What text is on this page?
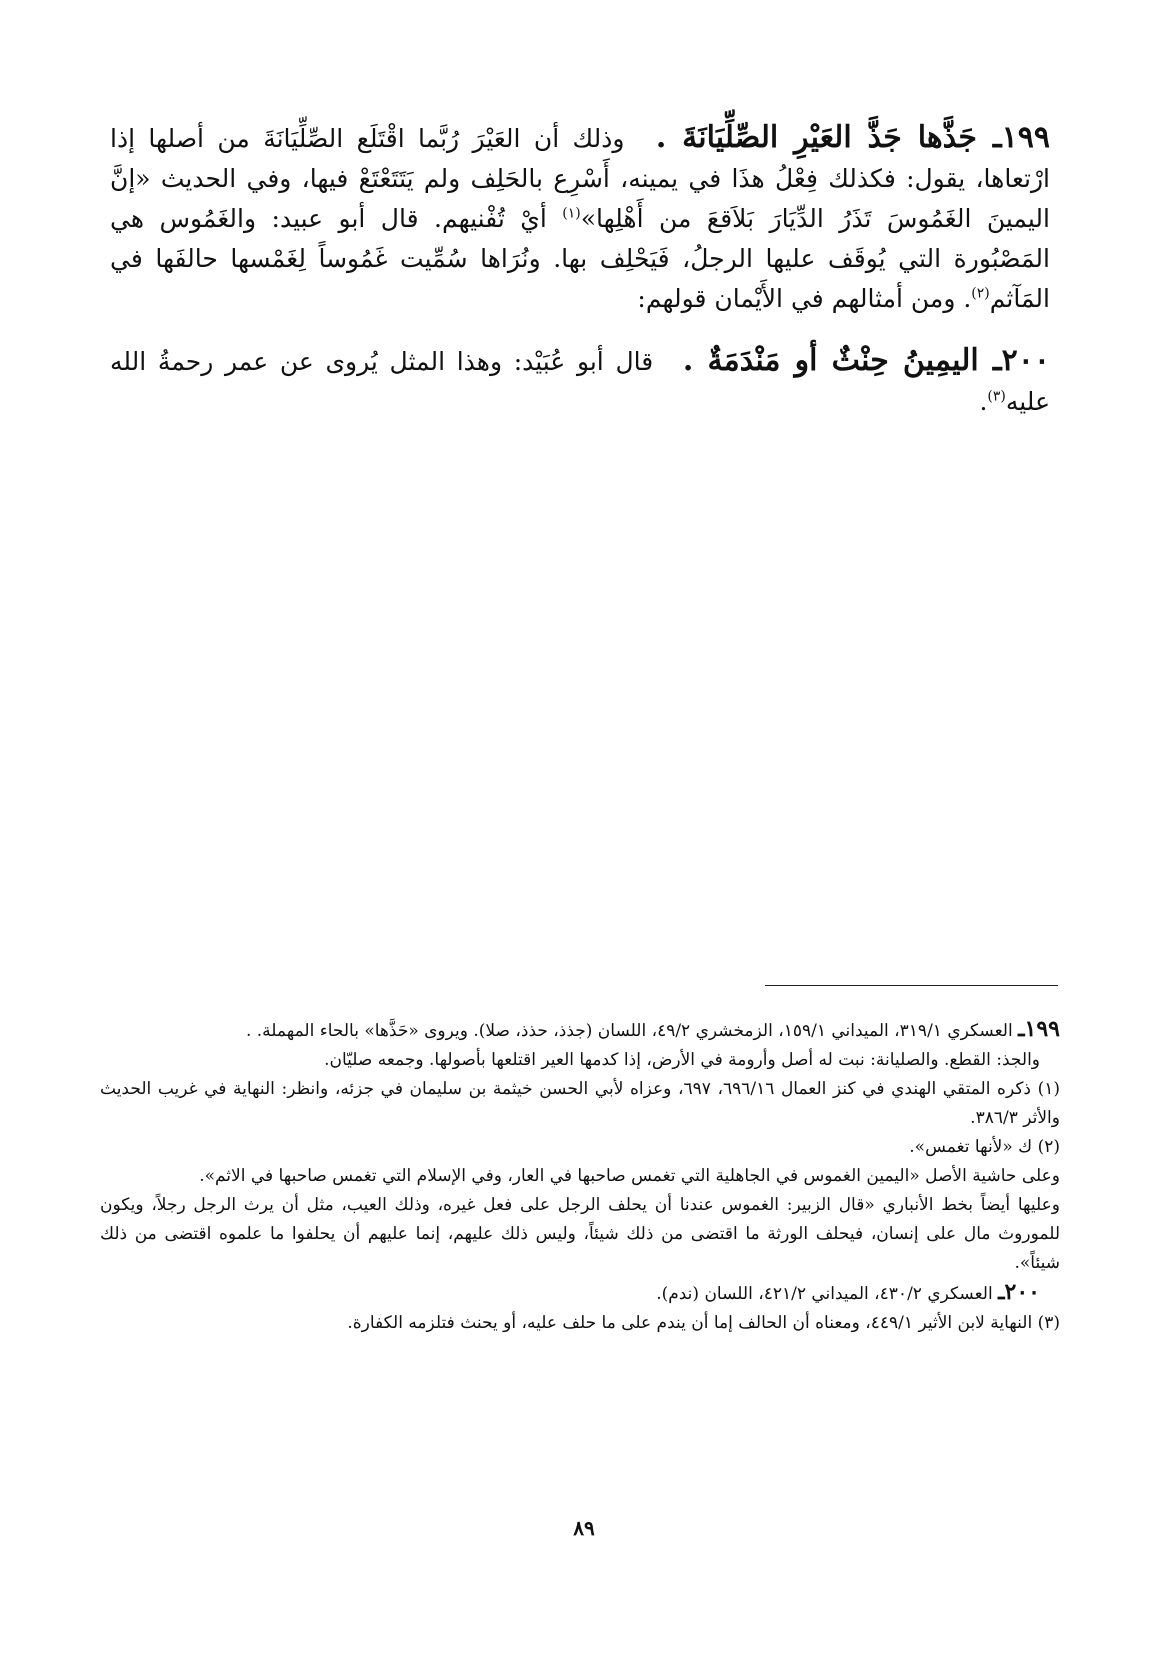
١٩٩ـ جَذَّها جَذَّ العَيْرِ الصِّلِّيَانَةَ . وذلك أن العَيْرَ رُبَّما اقْتَلَع الصِّلِّيَانَةَ من أصلها إذا ارْتعاها، يقول: فكذلك فِعْلُ هذَا في يمينه، أَسْرِع بالحَلِف ولم يَتَتَعْتَعْ فيها، وفي الحديث «إنَّ اليمينَ الغَمُوسَ تَذَرُ الدِّيَارَ بَلاَقعَ من أَهْلِها»$^{(١)}$ أيْ تُفْنيهم. قال أبو عبيد: والغَمُوس هي المَصْبُورة التي يُوقَف عليها الرجلُ، فَيَحْلِف بها. ونُرَاها سُمِّيت غَمُوساً لِغَمْسها حالفَها في المَآثم$^{(٢)}$. ومن أمثالهم في الأَيْمان قولهم:

٢٠٠ـ اليمِينُ حِنْثٌ أو مَنْدَمَةٌ . قال أبو عُبَيْد: وهذا المثل يُروى عن عمر رحمةُ الله عليه$^{(٣)}$.

١٩٩ـ العسكري ٣١٩/١، الميداني ١٥٩/١، الزمخشري ٤٩/٢، اللسان (جذذ، حذذ، صلا). ويروى «حَذَّها» بالحاء المهملة. .

والجذ: القطع. والصليانة: نبت له أصل وأرومة في الأرض، إذا كدمها العير اقتلعها بأصولها. وجمعه صليّان.

(١) ذكره المتقي الهندي في كنز العمال ٦٩٦/١٦، ٦٩٧، وعزاه لأبي الحسن خيثمة بن سليمان في جزئه، وانظر: النهاية في غريب الحديث والأثر ٣٨٦/٣.

(٢) ك «لأنها تغمس».

وعلى حاشية الأصل «اليمين الغموس في الجاهلية التي تغمس صاحبها في العار، وفي الإسلام التي تغمس صاحبها في الاثم».

وعليها أيضاً بخط الأنباري «قال الزبير: الغموس عندنا أن يحلف الرجل على فعل غيره، وذلك العيب، مثل أن يرث الرجل رجلاً، ويكون للموروث مال على إنسان، فيحلف الورثة ما اقتضى من ذلك شيئاً، وليس ذلك عليهم، إنما عليهم أن يحلفوا ما علموه اقتضى من ذلك شيئاً».

٢٠٠ـ العسكري ٤٣٠/٢، الميداني ٤٢١/٢، اللسان (ندم).

(٣) النهاية لابن الأثير ٤٤٩/١، ومعناه أن الحالف إما أن يندم على ما حلف عليه، أو يحنث فتلزمه الكفارة.

٨٩
